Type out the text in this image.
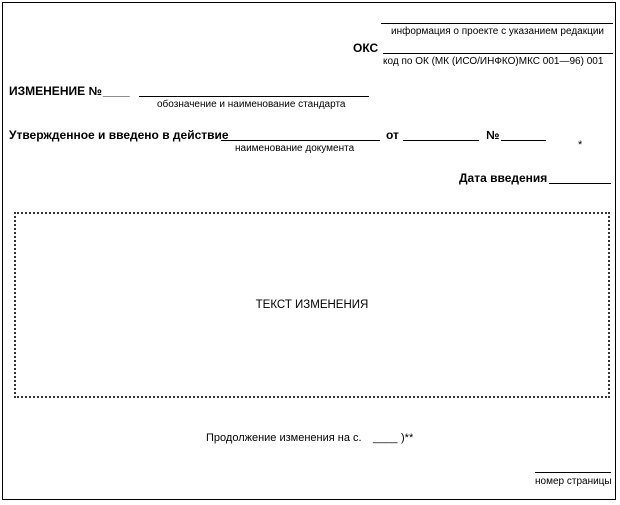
информация о проекте с указанием редакции
ОКС
код по ОК (МК (ИСО/ИНФКО)МКС 001—96) 001
ИЗМЕНЕНИЕ № ____
обозначение и наименование стандарта
Утвержденное и введено в действие
наименование документа
от	№
Дата введения
*
ТЕКСТ ИЗМЕНЕНИЯ
Продолжение изменения на с. ____ )**
номер страницы
